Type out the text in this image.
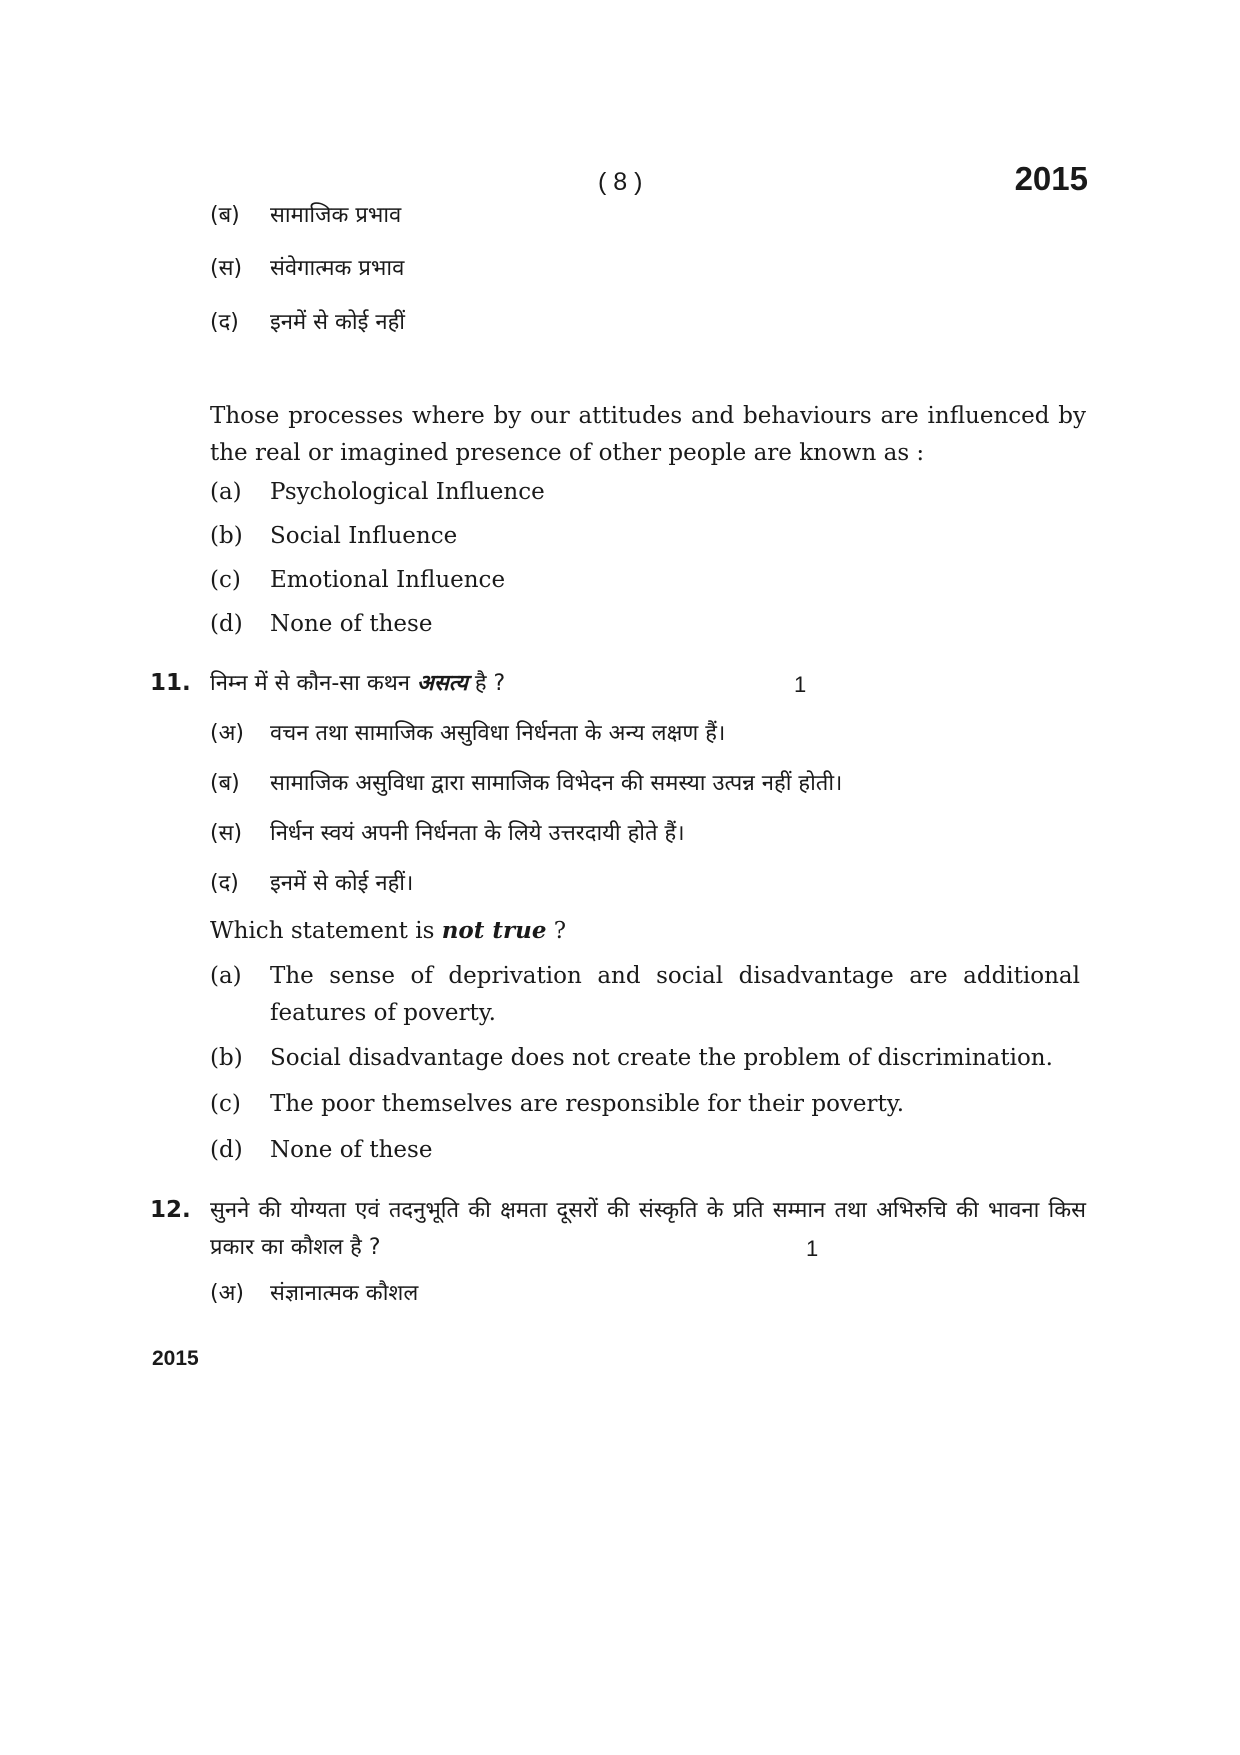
( 8 )	2015
(ब)	सामाजिक प्रभाव
(स)	संवेगात्मक प्रभाव
(द)	इनमें से कोई नहीं
Those processes where by our attitudes and behaviours are influenced by the real or imagined presence of other people are known as :
(a)	Psychological Influence
(b)	Social Influence
(c)	Emotional Influence
(d)	None of these
11. निम्न में से कौन-सा कथन असत्य है ?	1
(अ)	वचन तथा सामाजिक असुविधा निर्धनता के अन्य लक्षण हैं।
(ब)	सामाजिक असुविधा द्वारा सामाजिक विभेदन की समस्या उत्पन्न नहीं होती।
(स)	निर्धन स्वयं अपनी निर्धनता के लिये उत्तरदायी होते हैं।
(द)	इनमें से कोई नहीं।
Which statement is not true ?
(a)	The sense of deprivation and social disadvantage are additional features of poverty.
(b)	Social disadvantage does not create the problem of discrimination.
(c)	The poor themselves are responsible for their poverty.
(d)	None of these
12. सुनने की योग्यता एवं तदनुभूति की क्षमता दूसरों की संस्कृति के प्रति सम्मान तथा अभिरुचि की भावना किस प्रकार का कौशल है ?	1
(अ)	संज्ञानात्मक कौशल
2015
